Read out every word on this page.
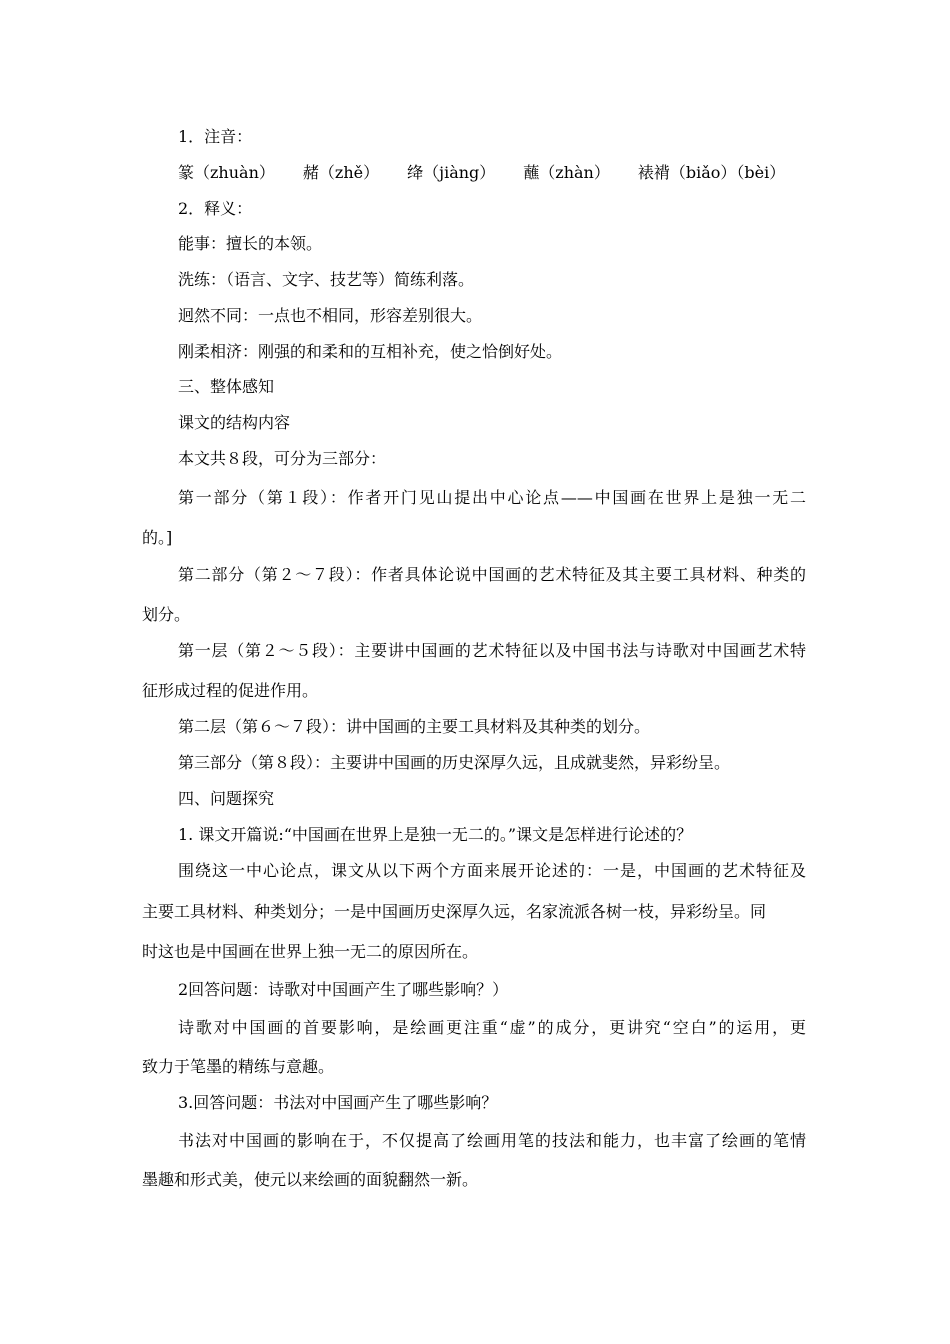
1．注音：
篆（zhuàn） 赭（zhě） 绛（jiàng） 蘸（zhàn） 裱褙（biǎo）（bèi）
2．释义：
能事：擅长的本领。
洗练：（语言、文字、技艺等）简练利落。
迥然不同：一点也不相同，形容差别很大。
刚柔相济：刚强的和柔和的互相补充，使之恰倒好处。
三、整体感知
课文的结构内容
本文共８段，可分为三部分：
第一部分（第１段）：作者开门见山提出中心论点——中国画在世界上是独一无二
的。]
第二部分（第２～７段）：作者具体论说中国画的艺术特征及其主要工具材料、种类的
划分。
第一层（第２～５段）：主要讲中国画的艺术特征以及中国书法与诗歌对中国画艺术特
征形成过程的促进作用。
第二层（第６～７段）：讲中国画的主要工具材料及其种类的划分。
第三部分（第８段）：主要讲中国画的历史深厚久远，且成就斐然，异彩纷呈。
四、问题探究
1. 课文开篇说:“中国画在世界上是独一无二的。”课文是怎样进行论述的？
围绕这一中心论点，课文从以下两个方面来展开论述的：一是，中国画的艺术特征及
主要工具材料、种类划分；一是中国画历史深厚久远，名家流派各树一枝，异彩纷呈。同
时这也是中国画在世界上独一无二的原因所在。
2回答问题：诗歌对中国画产生了哪些影响？）
诗歌对中国画的首要影响，是绘画更注重“虚”的成分，更讲究“空白”的运用，更
致力于笔墨的精练与意趣。
3.回答问题：书法对中国画产生了哪些影响？
书法对中国画的影响在于，不仅提高了绘画用笔的技法和能力，也丰富了绘画的笔情
墨趣和形式美，使元以来绘画的面貌翻然一新。
